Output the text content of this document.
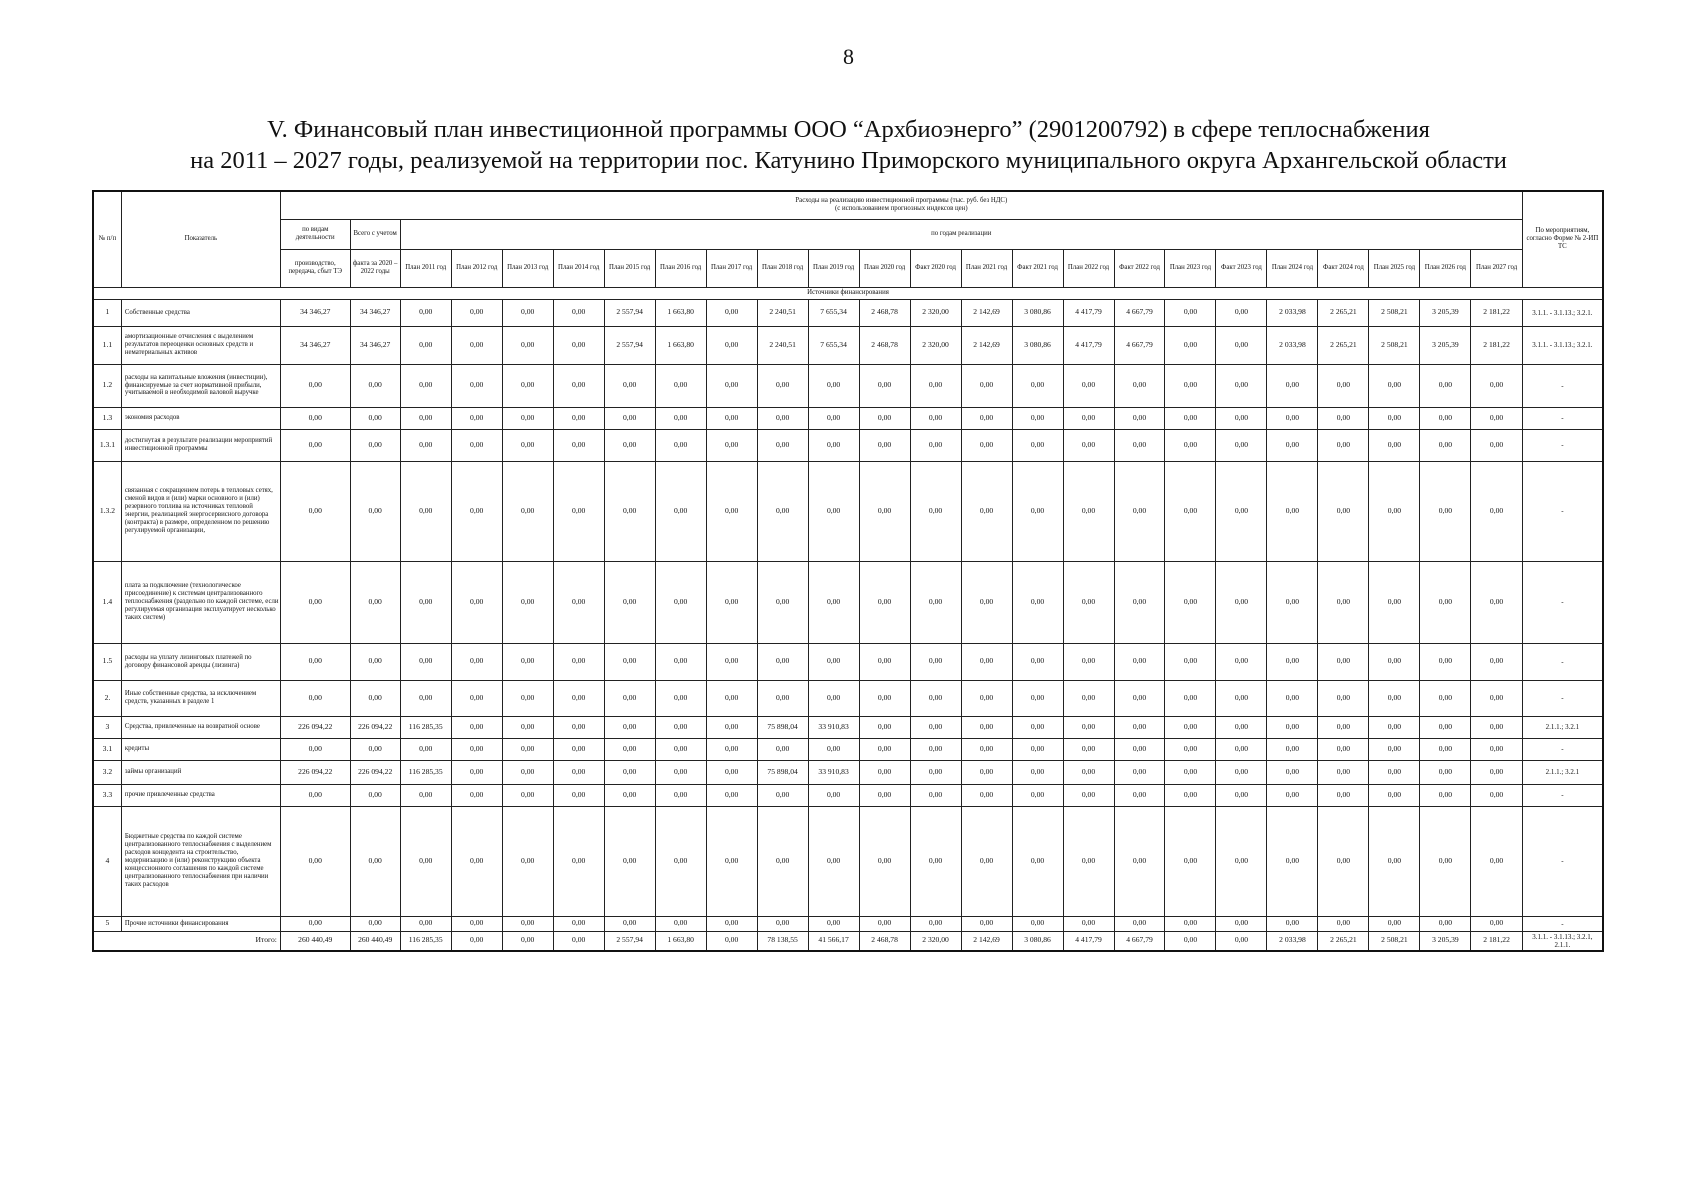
8
V. Финансовый план инвестиционной программы ООО “Архбиоэнерго” (2901200792) в сфере теплоснабжения
на 2011 – 2027 годы, реализуемой на территории пос. Катунино Приморского муниципального округа Архангельской области
№ п/п	Показатель	Расходы на реализацию инвестиционной программы (тыс. руб. без НДС)
(с использованием прогнозных индексов цен)																								По мероприятиям, согласно Форме № 2-ИП ТС
		по видам деятельности	Всего с учетом	по годам реализации																						
		производство, передача, сбыт ТЭ	факта за 2020 – 2022 годы	План 2011 год	План 2012 год	План 2013 год	План 2014 год	План 2015 год	План 2016 год	План 2017 год	План 2018 год	План 2019 год	План 2020 год	Факт 2020 год	План 2021 год	Факт 2021 год	План 2022 год	Факт 2022 год	План 2023 год	Факт 2023 год	План 2024 год	Факт 2024 год	План 2025 год	План 2026 год	План 2027 год	
Источники финансирования																										
1	Собственные средства	34 346,27	34 346,27	0,00	0,00	0,00	0,00	2 557,94	1 663,80	0,00	2 240,51	7 655,34	2 468,78	2 320,00	2 142,69	3 080,86	4 417,79	4 667,79	0,00	0,00	2 033,98	2 265,21	2 508,21	3 205,39	2 181,22	3.1.1. - 3.1.13.; 3.2.1.
1.1	амортизационные отчисления с выделением результатов переоценки основных средств и нематериальных активов	34 346,27	34 346,27	0,00	0,00	0,00	0,00	2 557,94	1 663,80	0,00	2 240,51	7 655,34	2 468,78	2 320,00	2 142,69	3 080,86	4 417,79	4 667,79	0,00	0,00	2 033,98	2 265,21	2 508,21	3 205,39	2 181,22	3.1.1. - 3.1.13.; 3.2.1.
1.2	расходы на капитальные вложения (инвестиции), финансируемые за счет нормативной прибыли, учитываемой в необходимой валовой выручке	0,00	0,00	0,00	0,00	0,00	0,00	0,00	0,00	0,00	0,00	0,00	0,00	0,00	0,00	0,00	0,00	0,00	0,00	0,00	0,00	0,00	0,00	0,00	0,00	-
1.3	экономия расходов	0,00	0,00	0,00	0,00	0,00	0,00	0,00	0,00	0,00	0,00	0,00	0,00	0,00	0,00	0,00	0,00	0,00	0,00	0,00	0,00	0,00	0,00	0,00	0,00	-
1.3.1	достигнутая в результате реализации мероприятий инвестиционной программы	0,00	0,00	0,00	0,00	0,00	0,00	0,00	0,00	0,00	0,00	0,00	0,00	0,00	0,00	0,00	0,00	0,00	0,00	0,00	0,00	0,00	0,00	0,00	0,00	-
1.3.2	связанная с сокращением потерь в тепловых сетях, сменой видов и (или) марки основного и (или) резервного топлива на источниках тепловой энергии, реализацией энергосервисного договора (контракта) в размере, определенном по решению регулируемой организации,	0,00	0,00	0,00	0,00	0,00	0,00	0,00	0,00	0,00	0,00	0,00	0,00	0,00	0,00	0,00	0,00	0,00	0,00	0,00	0,00	0,00	0,00	0,00	0,00	-
1.4	плата за подключение (технологическое присоединение) к системам централизованного теплоснабжения (раздельно по каждой системе, если регулируемая организация эксплуатирует несколько таких систем)	0,00	0,00	0,00	0,00	0,00	0,00	0,00	0,00	0,00	0,00	0,00	0,00	0,00	0,00	0,00	0,00	0,00	0,00	0,00	0,00	0,00	0,00	0,00	0,00	-
1.5	расходы на уплату лизинговых платежей по договору финансовой аренды (лизинга)	0,00	0,00	0,00	0,00	0,00	0,00	0,00	0,00	0,00	0,00	0,00	0,00	0,00	0,00	0,00	0,00	0,00	0,00	0,00	0,00	0,00	0,00	0,00	0,00	-
2.	Иные собственные средства, за исключением средств, указанных в разделе 1	0,00	0,00	0,00	0,00	0,00	0,00	0,00	0,00	0,00	0,00	0,00	0,00	0,00	0,00	0,00	0,00	0,00	0,00	0,00	0,00	0,00	0,00	0,00	0,00	-
3	Средства, привлеченные на возвратной основе	226 094,22	226 094,22	116 285,35	0,00	0,00	0,00	0,00	0,00	0,00	75 898,04	33 910,83	0,00	0,00	0,00	0,00	0,00	0,00	0,00	0,00	0,00	0,00	0,00	0,00	0,00	2.1.1.; 3.2.1
3.1	кредиты	0,00	0,00	0,00	0,00	0,00	0,00	0,00	0,00	0,00	0,00	0,00	0,00	0,00	0,00	0,00	0,00	0,00	0,00	0,00	0,00	0,00	0,00	0,00	0,00	-
3.2	займы организаций	226 094,22	226 094,22	116 285,35	0,00	0,00	0,00	0,00	0,00	0,00	75 898,04	33 910,83	0,00	0,00	0,00	0,00	0,00	0,00	0,00	0,00	0,00	0,00	0,00	0,00	0,00	2.1.1.; 3.2.1
3.3	прочие привлеченные средства	0,00	0,00	0,00	0,00	0,00	0,00	0,00	0,00	0,00	0,00	0,00	0,00	0,00	0,00	0,00	0,00	0,00	0,00	0,00	0,00	0,00	0,00	0,00	0,00	-
4	Бюджетные средства по каждой системе централизованного теплоснабжения с выделением расходов концедента на строительство, модернизацию и (или) реконструкцию объекта концессионного соглашения по каждой системе централизованного теплоснабжения при наличии таких расходов	0,00	0,00	0,00	0,00	0,00	0,00	0,00	0,00	0,00	0,00	0,00	0,00	0,00	0,00	0,00	0,00	0,00	0,00	0,00	0,00	0,00	0,00	0,00	0,00	-
5	Прочие источники финансирования	0,00	0,00	0,00	0,00	0,00	0,00	0,00	0,00	0,00	0,00	0,00	0,00	0,00	0,00	0,00	0,00	0,00	0,00	0,00	0,00	0,00	0,00	0,00	0,00	-
Итого:		260 440,49	260 440,49	116 285,35	0,00	0,00	0,00	2 557,94	1 663,80	0,00	78 138,55	41 566,17	2 468,78	2 320,00	2 142,69	3 080,86	4 417,79	4 667,79	0,00	0,00	2 033,98	2 265,21	2 508,21	3 205,39	2 181,22	3.1.1. - 3.1.13.; 3.2.1, 2.1.1.
